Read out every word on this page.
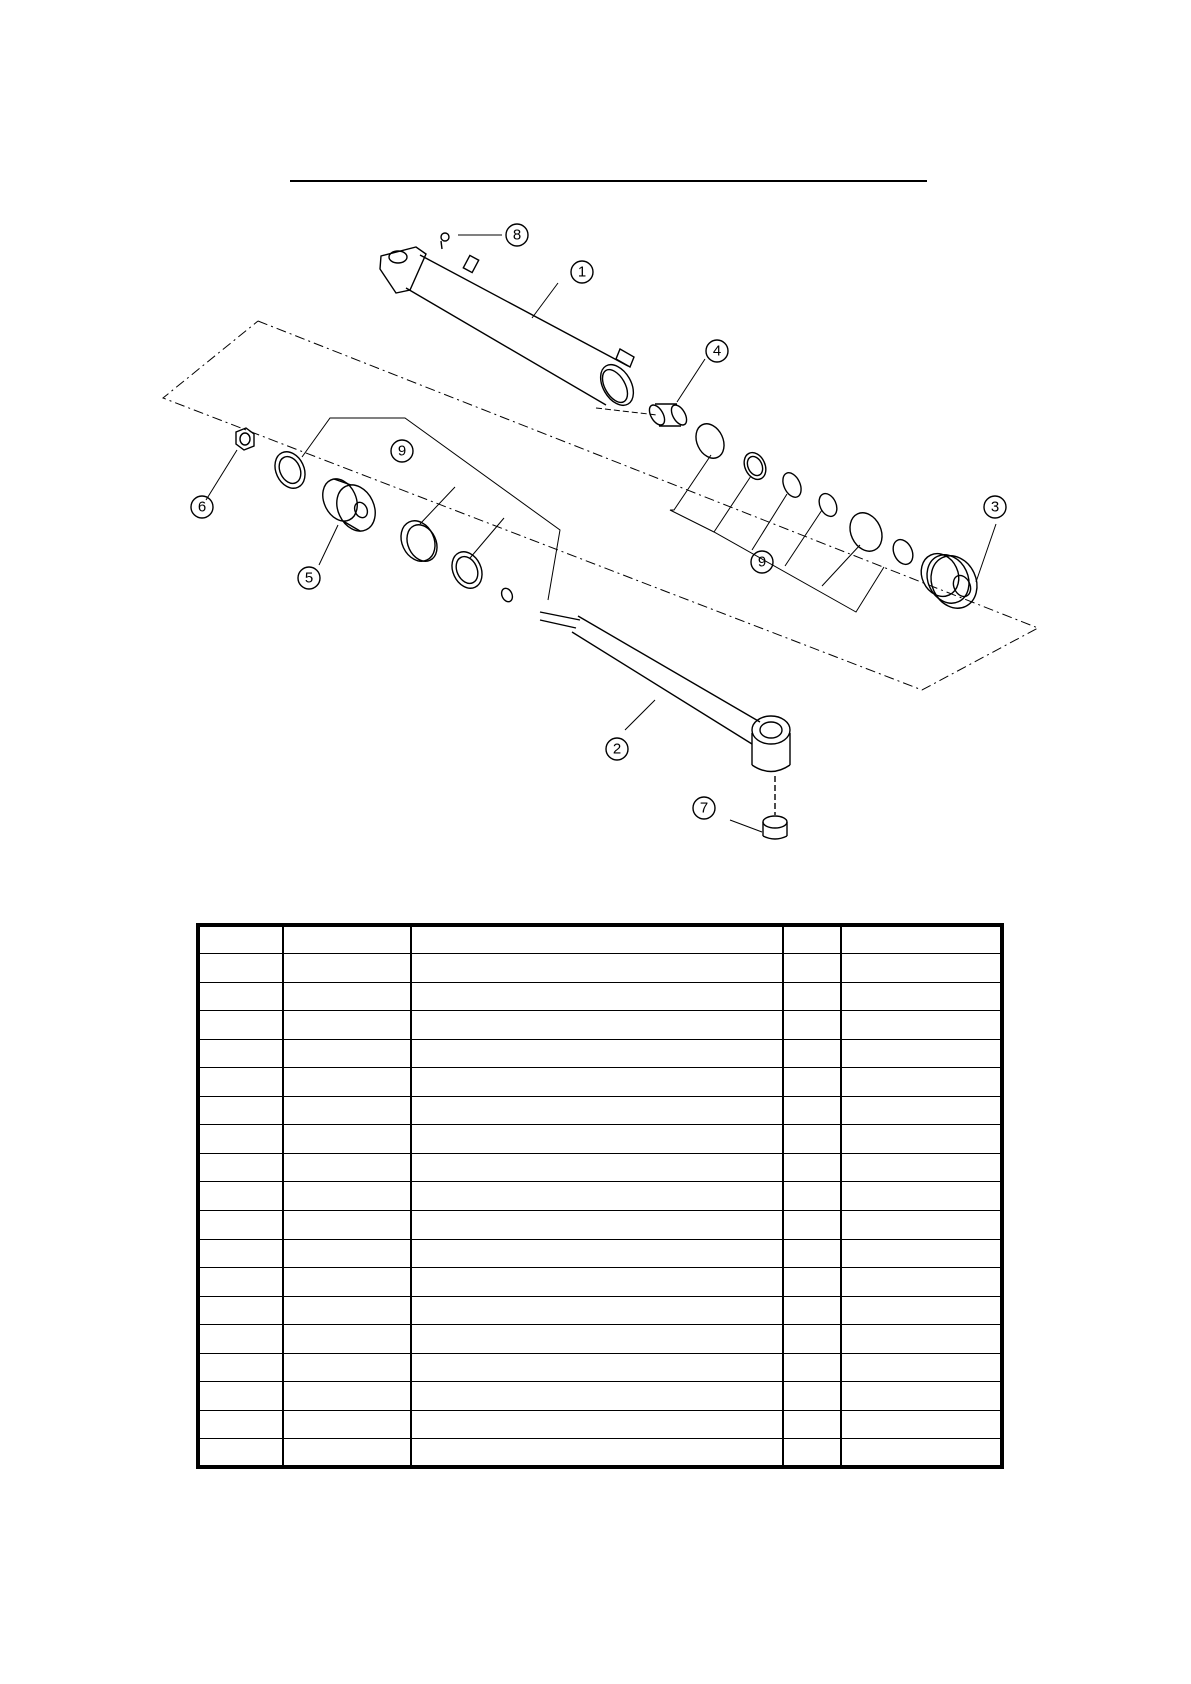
8
1
4
9
6	3
5
9
2
7
